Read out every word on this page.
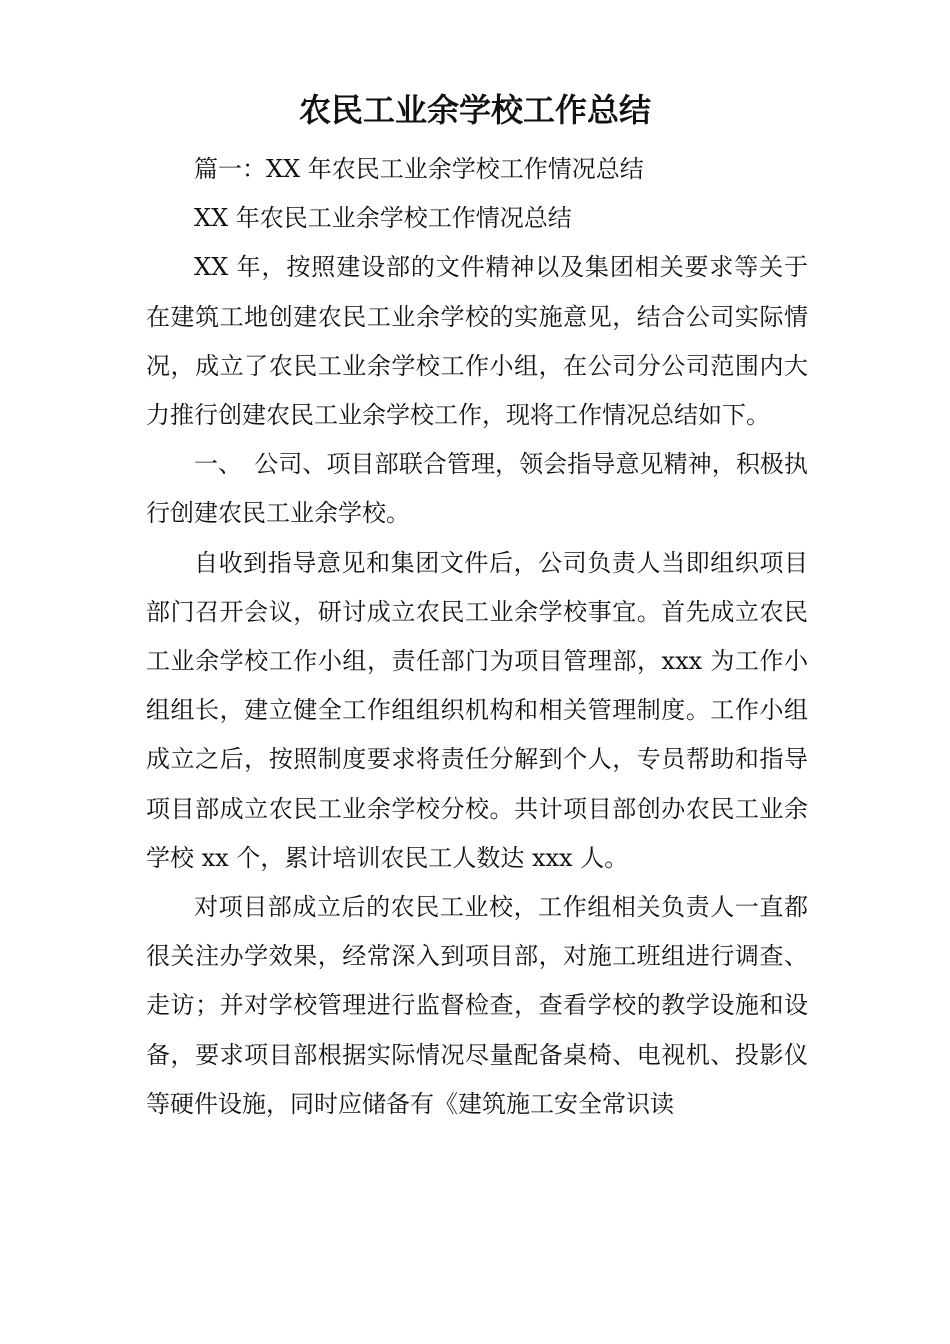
农民工业余学校工作总结

篇一：XX 年农民工业余学校工作情况总结

XX 年农民工业余学校工作情况总结

XX 年，按照建设部的文件精神以及集团相关要求等关于在建筑工地创建农民工业余学校的实施意见，结合公司实际情况，成立了农民工业余学校工作小组，在公司分公司范围内大力推行创建农民工业余学校工作，现将工作情况总结如下。

一、　公司、项目部联合管理，领会指导意见精神，积极执行创建农民工业余学校。

自收到指导意见和集团文件后，公司负责人当即组织项目部门召开会议，研讨成立农民工业余学校事宜。首先成立农民工业余学校工作小组，责任部门为项目管理部，xxx 为工作小组组长，建立健全工作组组织机构和相关管理制度。工作小组成立之后，按照制度要求将责任分解到个人，专员帮助和指导项目部成立农民工业余学校分校。共计项目部创办农民工业余学校 xx 个，累计培训农民工人数达 xxx 人。

对项目部成立后的农民工业校，工作组相关负责人一直都很关注办学效果，经常深入到项目部，对施工班组进行调查、走访；并对学校管理进行监督检查，查看学校的教学设施和设备，要求项目部根据实际情况尽量配备桌椅、电视机、投影仪等硬件设施，同时应储备有《建筑施工安全常识读
